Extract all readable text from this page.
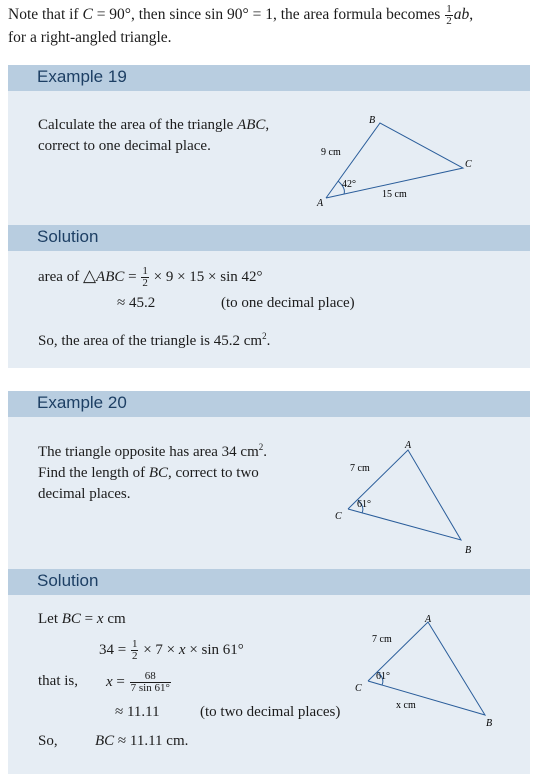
Note that if C = 90°, then since sin 90° = 1, the area formula becomes $\frac{1}{2}$ ab,
for a right-angled triangle.
Example 19
Calculate the area of the triangle ABC,
correct to one decimal place.
B
C
A
9 cm
15 cm
42°
Solution
area of △ABC = $\frac{1}{2} \times 9 \times 15 \times \sin 42^\circ$
≈ 45.2	(to one decimal place)
So, the area of the triangle is 45.2 $cm^2$.
Example 20
The triangle opposite has area 34 $cm^2$.
Find the length of BC, correct to two
decimal places.
A
C
B
7 cm
61°
Solution
Let BC = x cm
$34 = \frac{1}{2} \times 7 \times x \times \sin 61^\circ$
that is, $x = \frac{68}{7 \sin 61^\circ}$
≈ 11.11	(to two decimal places)
So, BC ≈ 11.11 cm.
A
C
B
7 cm
x cm
61°
